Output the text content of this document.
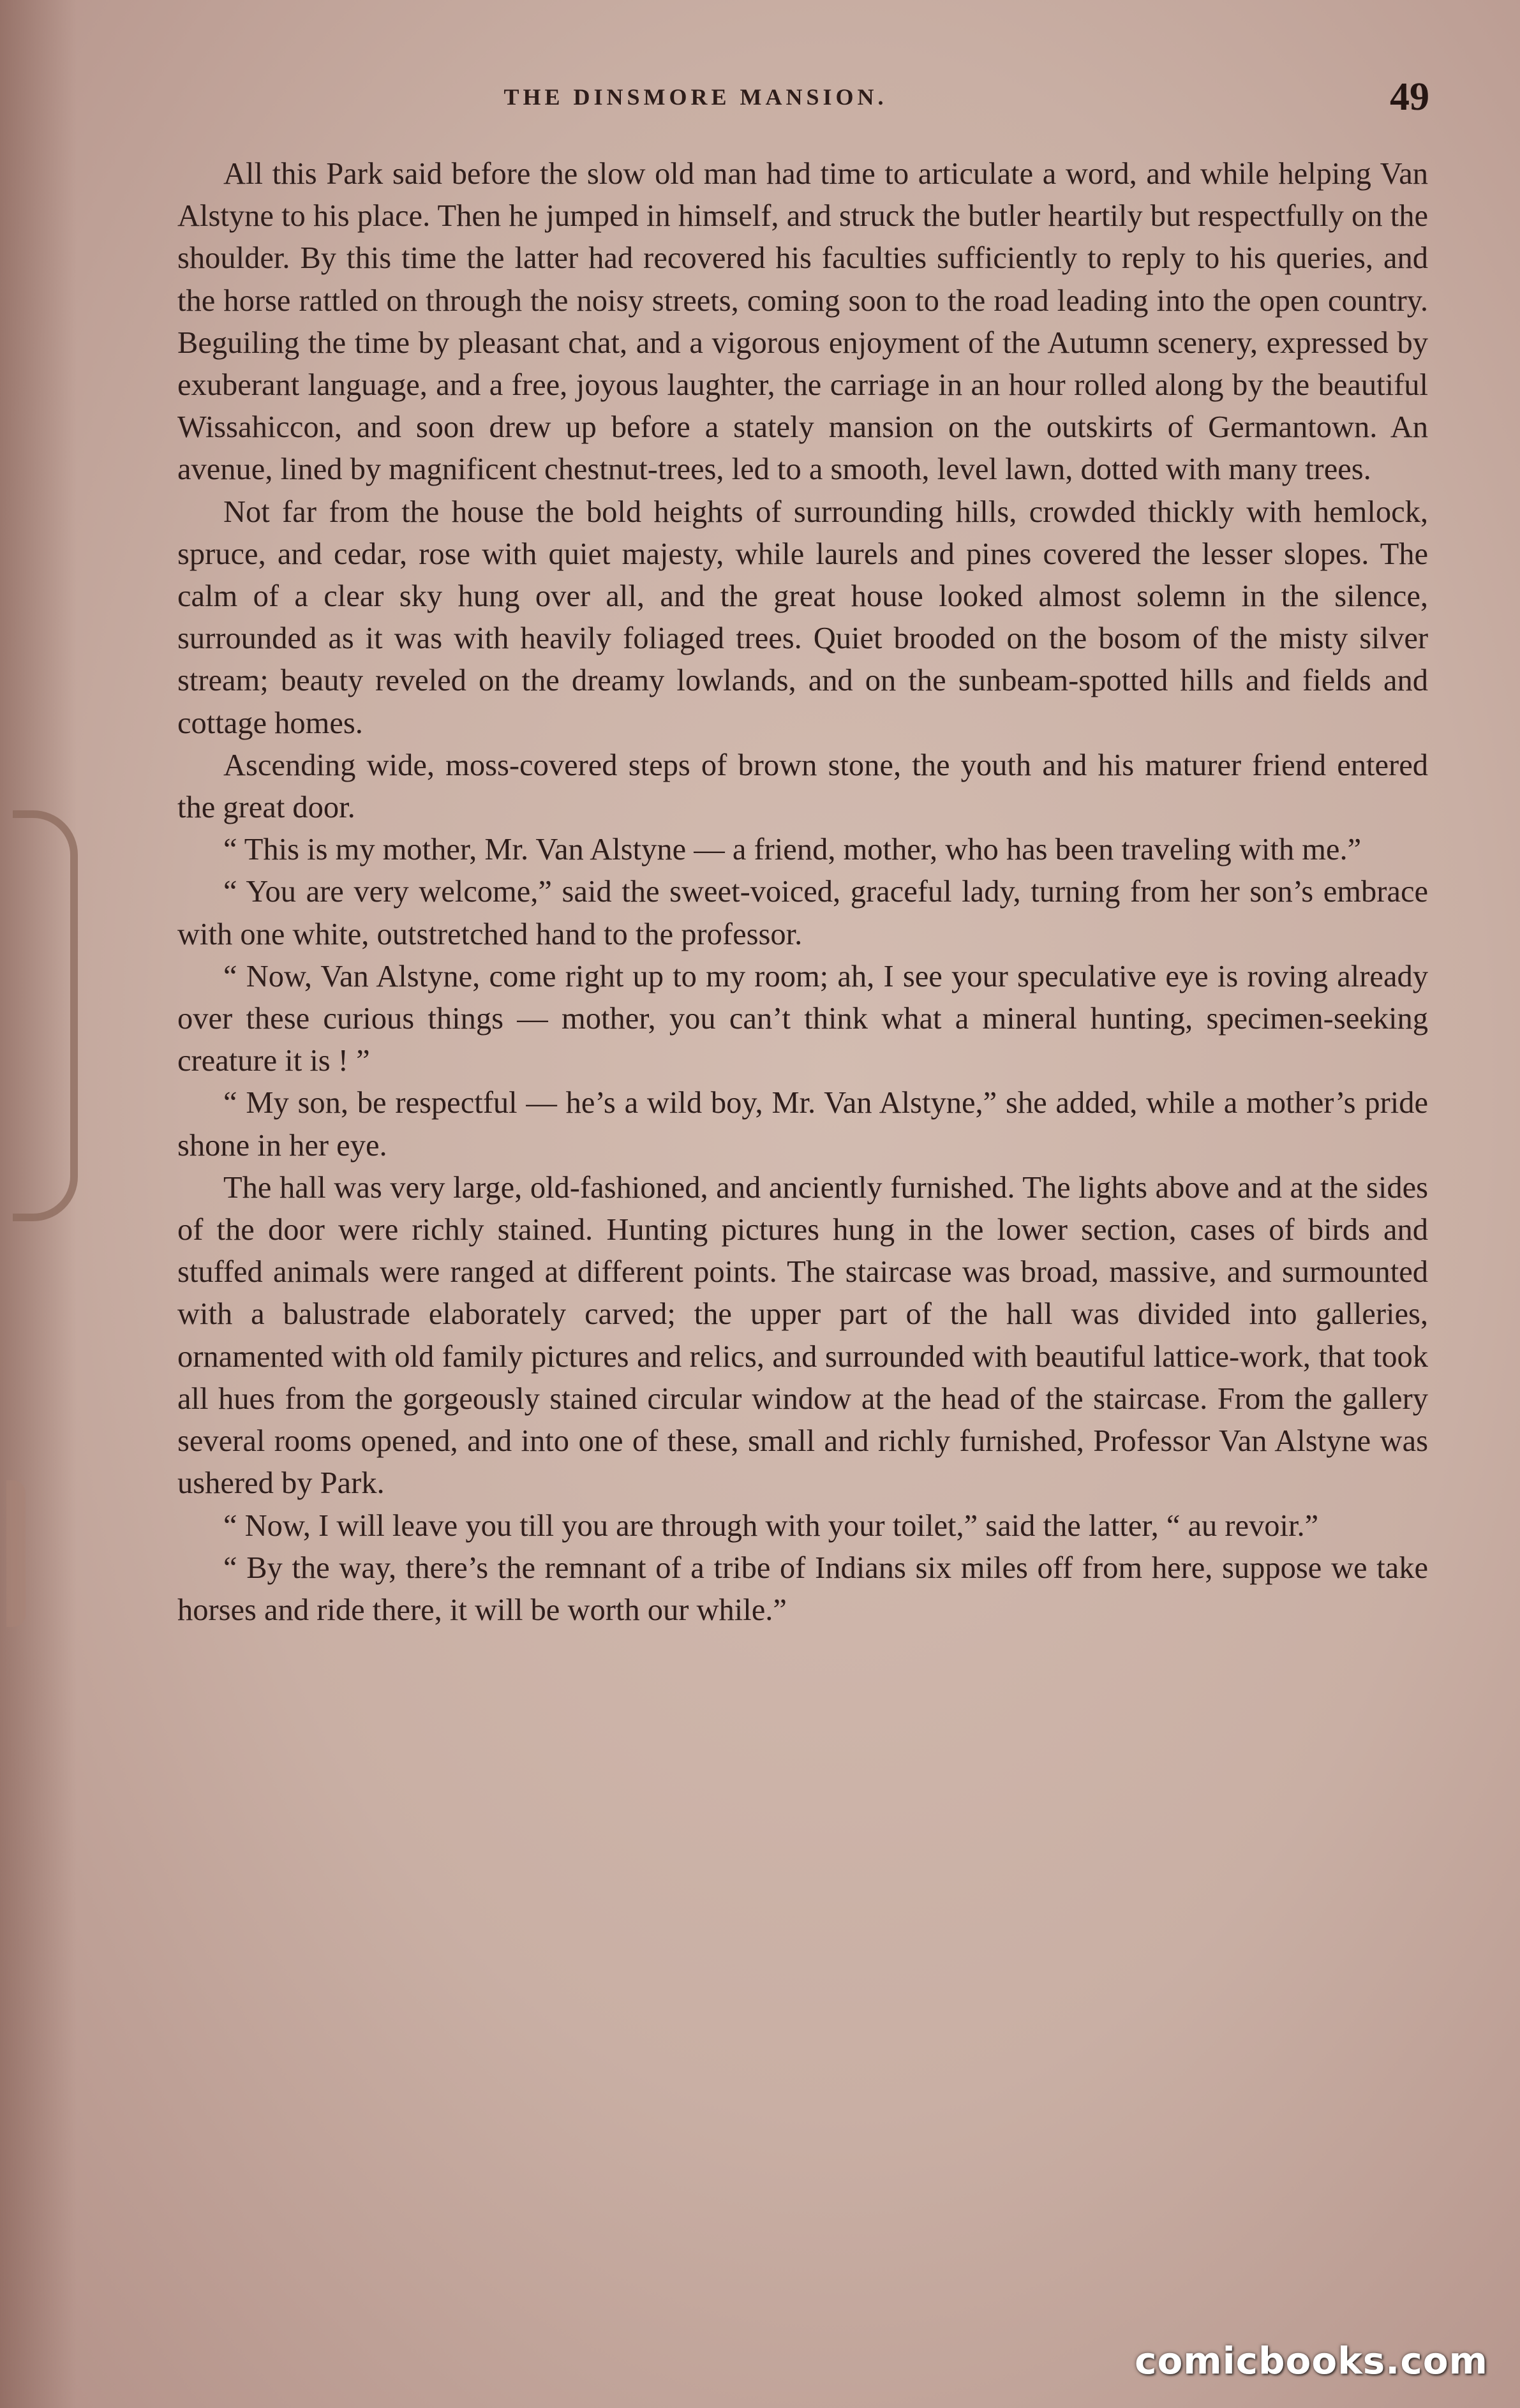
THE DINSMORE MANSION.	49

All this Park said before the slow old man had time to articulate a word, and while helping Van Alstyne to his place. Then he jumped in himself, and struck the butler heartily but respectfully on the shoulder. By this time the latter had recovered his faculties sufficiently to reply to his queries, and the horse rattled on through the noisy streets, coming soon to the road leading into the open country. Beguiling the time by pleasant chat, and a vigorous enjoyment of the Autumn scenery, expressed by exuberant language, and a free, joyous laughter, the carriage in an hour rolled along by the beautiful Wissahiccon, and soon drew up before a stately mansion on the outskirts of Germantown. An avenue, lined by magnificent chestnut-trees, led to a smooth, level lawn, dotted with many trees.

Not far from the house the bold heights of surrounding hills, crowded thickly with hemlock, spruce, and cedar, rose with quiet majesty, while laurels and pines covered the lesser slopes. The calm of a clear sky hung over all, and the great house looked almost solemn in the silence, surrounded as it was with heavily foliaged trees. Quiet brooded on the bosom of the misty silver stream; beauty reveled on the dreamy lowlands, and on the sunbeam-spotted hills and fields and cottage homes.

Ascending wide, moss-covered steps of brown stone, the youth and his maturer friend entered the great door.

“ This is my mother, Mr. Van Alstyne — a friend, mother, who has been traveling with me.”

“ You are very welcome,” said the sweet-voiced, graceful lady, turning from her son’s embrace with one white, outstretched hand to the professor.

“ Now, Van Alstyne, come right up to my room; ah, I see your speculative eye is roving already over these curious things — mother, you can’t think what a mineral hunting, specimen-seeking creature it is ! ”

“ My son, be respectful — he’s a wild boy, Mr. Van Alstyne,” she added, while a mother’s pride shone in her eye.

The hall was very large, old-fashioned, and anciently furnished. The lights above and at the sides of the door were richly stained. Hunting pictures hung in the lower section, cases of birds and stuffed animals were ranged at different points. The staircase was broad, massive, and surmounted with a balustrade elaborately carved; the upper part of the hall was divided into galleries, ornamented with old family pictures and relics, and surrounded with beautiful lattice-work, that took all hues from the gorgeously stained circular window at the head of the staircase. From the gallery several rooms opened, and into one of these, small and richly furnished, Professor Van Alstyne was ushered by Park.

“ Now, I will leave you till you are through with your toilet,” said the latter, “ au revoir.”

“ By the way, there’s the remnant of a tribe of Indians six miles off from here, suppose we take horses and ride there, it will be worth our while.”

comicbooks.com
